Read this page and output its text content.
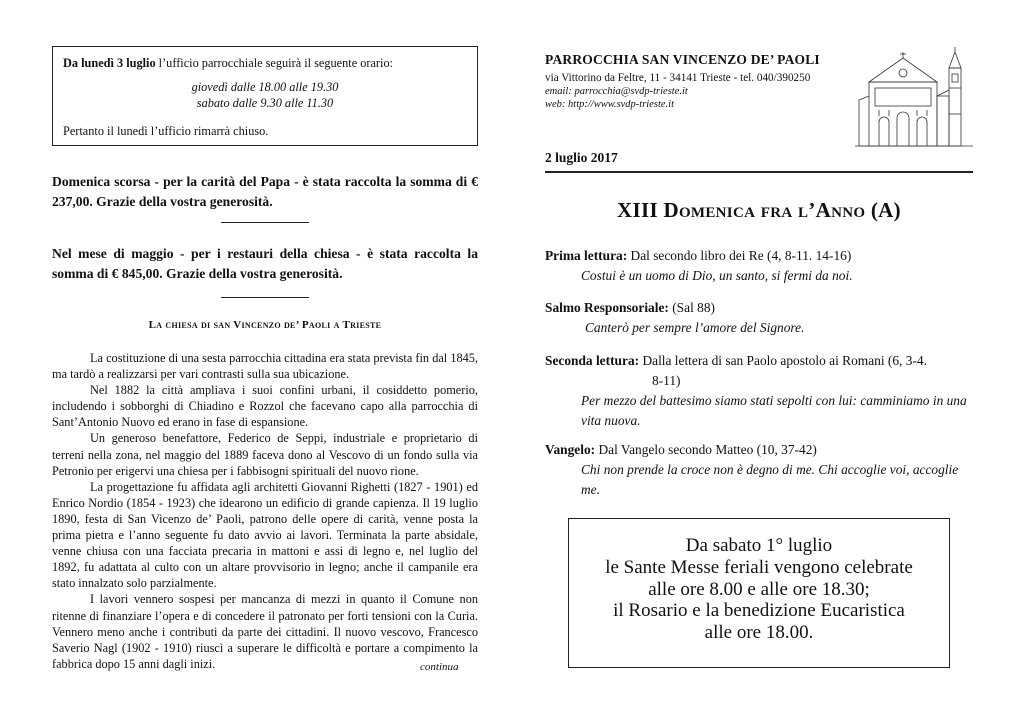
Da lunedì 3 luglio l’ufficio parrocchiale seguirà il seguente orario:
giovedì dalle 18.00 alle 19.30
sabato dalle 9.30 alle 11.30
Pertanto il lunedì l’ufficio rimarrà chiuso.

Domenica scorsa - per la carità del Papa - è stata raccolta la somma di € 237,00. Grazie della vostra generosità.

Nel mese di maggio - per i restauri della chiesa - è stata raccolta la somma di € 845,00. Grazie della vostra generosità.

La chiesa di san Vincenzo de’ Paoli a Trieste

La costituzione di una sesta parrocchia cittadina era stata prevista fin dal 1845, ma tardò a realizzarsi per vari contrasti sulla sua ubicazione.

Nel 1882 la città ampliava i suoi confini urbani, il cosiddetto pomerio, includendo i sobborghi di Chiadino e Rozzol che facevano capo alla parrocchia di Sant’Antonio Nuovo ed erano in fase di espansione.

Un generoso benefattore, Federico de Seppi, industriale e proprietario di terreni nella zona, nel maggio del 1889 faceva dono al Vescovo di un fondo sulla via Petronio per erigervi una chiesa per i fabbisogni spirituali del nuovo rione.

La progettazione fu affidata agli architetti Giovanni Righetti (1827 - 1901) ed Enrico Nordio (1854 - 1923) che idearono un edificio di grande capienza. Il 19 luglio 1890, festa di San Vicenzo de’ Paoli, patrono delle opere di carità, venne posta la prima pietra e l’anno seguente fu dato avvio ai lavori. Terminata la parte absidale, venne chiusa con una facciata precaria in mattoni e assi di legno e, nel luglio del 1892, fu adattata al culto con un altare provvisorio in legno; anche il campanile era stato innalzato solo parzialmente.

I lavori vennero sospesi per mancanza di mezzi in quanto il Comune non ritenne di finanziare l’opera e di concedere il patronato per forti tensioni con la Curia. Vennero meno anche i contributi da parte dei cittadini. Il nuovo vescovo, Francesco Saverio Nagl (1902 - 1910) riuscì a superare le difficoltà e portare a compimento la fabbrica dopo 15 anni dagli inizi.	continua
PARROCCHIA SAN VINCENZO DE’ PAOLI
via Vittorino da Feltre, 11 - 34141 Trieste - tel. 040/390250
email: parrocchia@svdp-trieste.it
web: http://www.svdp-trieste.it
2 luglio 2017
XIII Domenica fra l’Anno (A)
Prima lettura: Dal secondo libro dei Re (4, 8-11. 14-16)
Costui è un uomo di Dio, un santo, si fermi da noi.
Salmo Responsoriale: (Sal 88)
Canterò per sempre l’amore del Signore.
Seconda lettura: Dalla lettera di san Paolo apostolo ai Romani (6, 3-4.
8-11)
Per mezzo del battesimo siamo stati sepolti con lui: camminiamo in una vita nuova.
Vangelo: Dal Vangelo secondo Matteo (10, 37-42)
Chi non prende la croce non è degno di me. Chi accoglie voi, accoglie me.
Da sabato 1° luglio
le Sante Messe feriali vengono celebrate
alle ore 8.00 e alle ore 18.30;
il Rosario e la benedizione Eucaristica
alle ore 18.00.
